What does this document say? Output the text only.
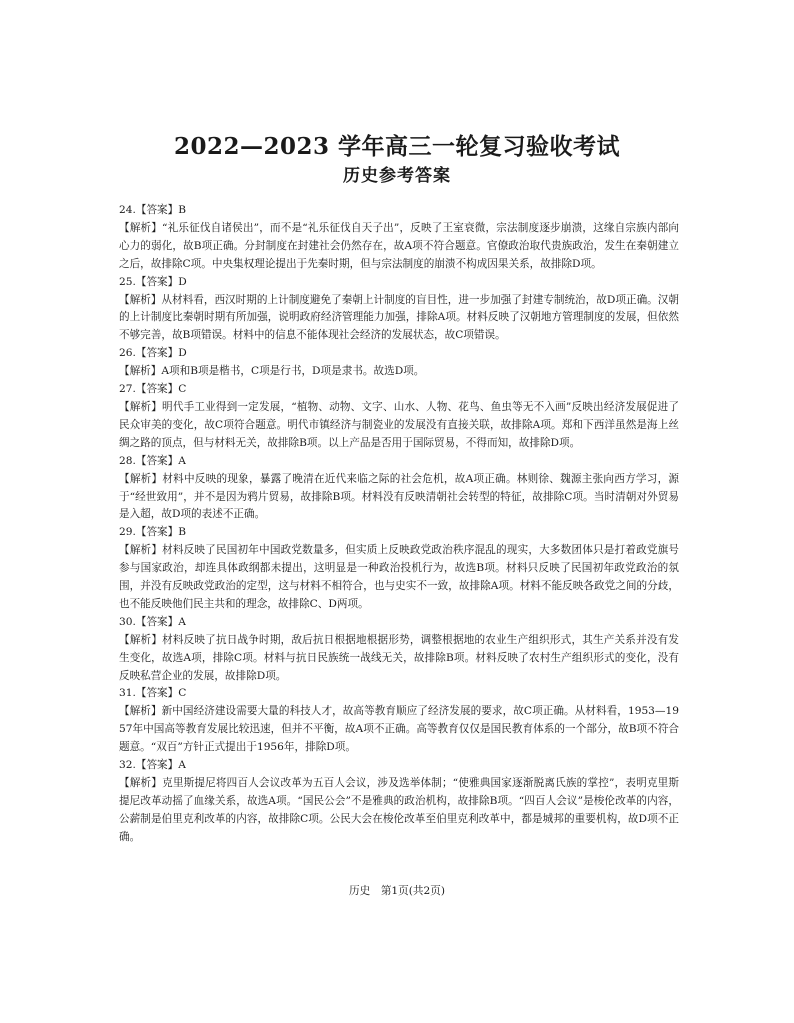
2022—2023 学年高三一轮复习验收考试
历史参考答案
24.【答案】B
【解析】“礼乐征伐自诸侯出”，而不是“礼乐征伐自天子出”，反映了王室衰微，宗法制度逐步崩溃，这缘自宗族内部向心力的弱化，故B项正确。分封制度在封建社会仍然存在，故A项不符合题意。官僚政治取代贵族政治，发生在秦朝建立之后，故排除C项。中央集权理论提出于先秦时期，但与宗法制度的崩溃不构成因果关系，故排除D项。
25.【答案】D
【解析】从材料看，西汉时期的上计制度避免了秦朝上计制度的盲目性，进一步加强了封建专制统治，故D项正确。汉朝的上计制度比秦朝时期有所加强，说明政府经济管理能力加强，排除A项。材料反映了汉朝地方管理制度的发展，但依然不够完善，故B项错误。材料中的信息不能体现社会经济的发展状态，故C项错误。
26.【答案】D
【解析】A项和B项是楷书，C项是行书，D项是隶书。故选D项。
27.【答案】C
【解析】明代手工业得到一定发展，“植物、动物、文字、山水、人物、花鸟、鱼虫等无不入画”反映出经济发展促进了民众审美的变化，故C项符合题意。明代市镇经济与制瓷业的发展没有直接关联，故排除A项。郑和下西洋虽然是海上丝绸之路的顶点，但与材料无关，故排除B项。以上产品是否用于国际贸易，不得而知，故排除D项。
28.【答案】A
【解析】材料中反映的现象，暴露了晚清在近代来临之际的社会危机，故A项正确。林则徐、魏源主张向西方学习，源于“经世致用”，并不是因为鸦片贸易，故排除B项。材料没有反映清朝社会转型的特征，故排除C项。当时清朝对外贸易是入超，故D项的表述不正确。
29.【答案】B
【解析】材料反映了民国初年中国政党数量多，但实质上反映政党政治秩序混乱的现实，大多数团体只是打着政党旗号参与国家政治，却连具体政纲都未提出，这明显是一种政治投机行为，故选B项。材料只反映了民国初年政党政治的氛围，并没有反映政党政治的定型，这与材料不相符合，也与史实不一致，故排除A项。材料不能反映各政党之间的分歧，也不能反映他们民主共和的理念，故排除C、D两项。
30.【答案】A
【解析】材料反映了抗日战争时期，敌后抗日根据地根据形势，调整根据地的农业生产组织形式，其生产关系并没有发生变化，故选A项，排除C项。材料与抗日民族统一战线无关，故排除B项。材料反映了农村生产组织形式的变化，没有反映私营企业的发展，故排除D项。
31.【答案】C
【解析】新中国经济建设需要大量的科技人才，故高等教育顺应了经济发展的要求，故C项正确。从材料看，1953—1957年中国高等教育发展比较迅速，但并不平衡，故A项不正确。高等教育仅仅是国民教育体系的一个部分，故B项不符合题意。“双百”方针正式提出于1956年，排除D项。
32.【答案】A
【解析】克里斯提尼将四百人会议改革为五百人会议，涉及选举体制；“使雅典国家逐渐脱离氏族的掌控”，表明克里斯提尼改革动摇了血缘关系，故选A项。“国民公会”不是雅典的政治机构，故排除B项。“四百人会议”是梭伦改革的内容，公薪制是伯里克利改革的内容，故排除C项。公民大会在梭伦改革至伯里克利改革中，都是城邦的重要机构，故D项不正确。
历史　第1页(共2页)
